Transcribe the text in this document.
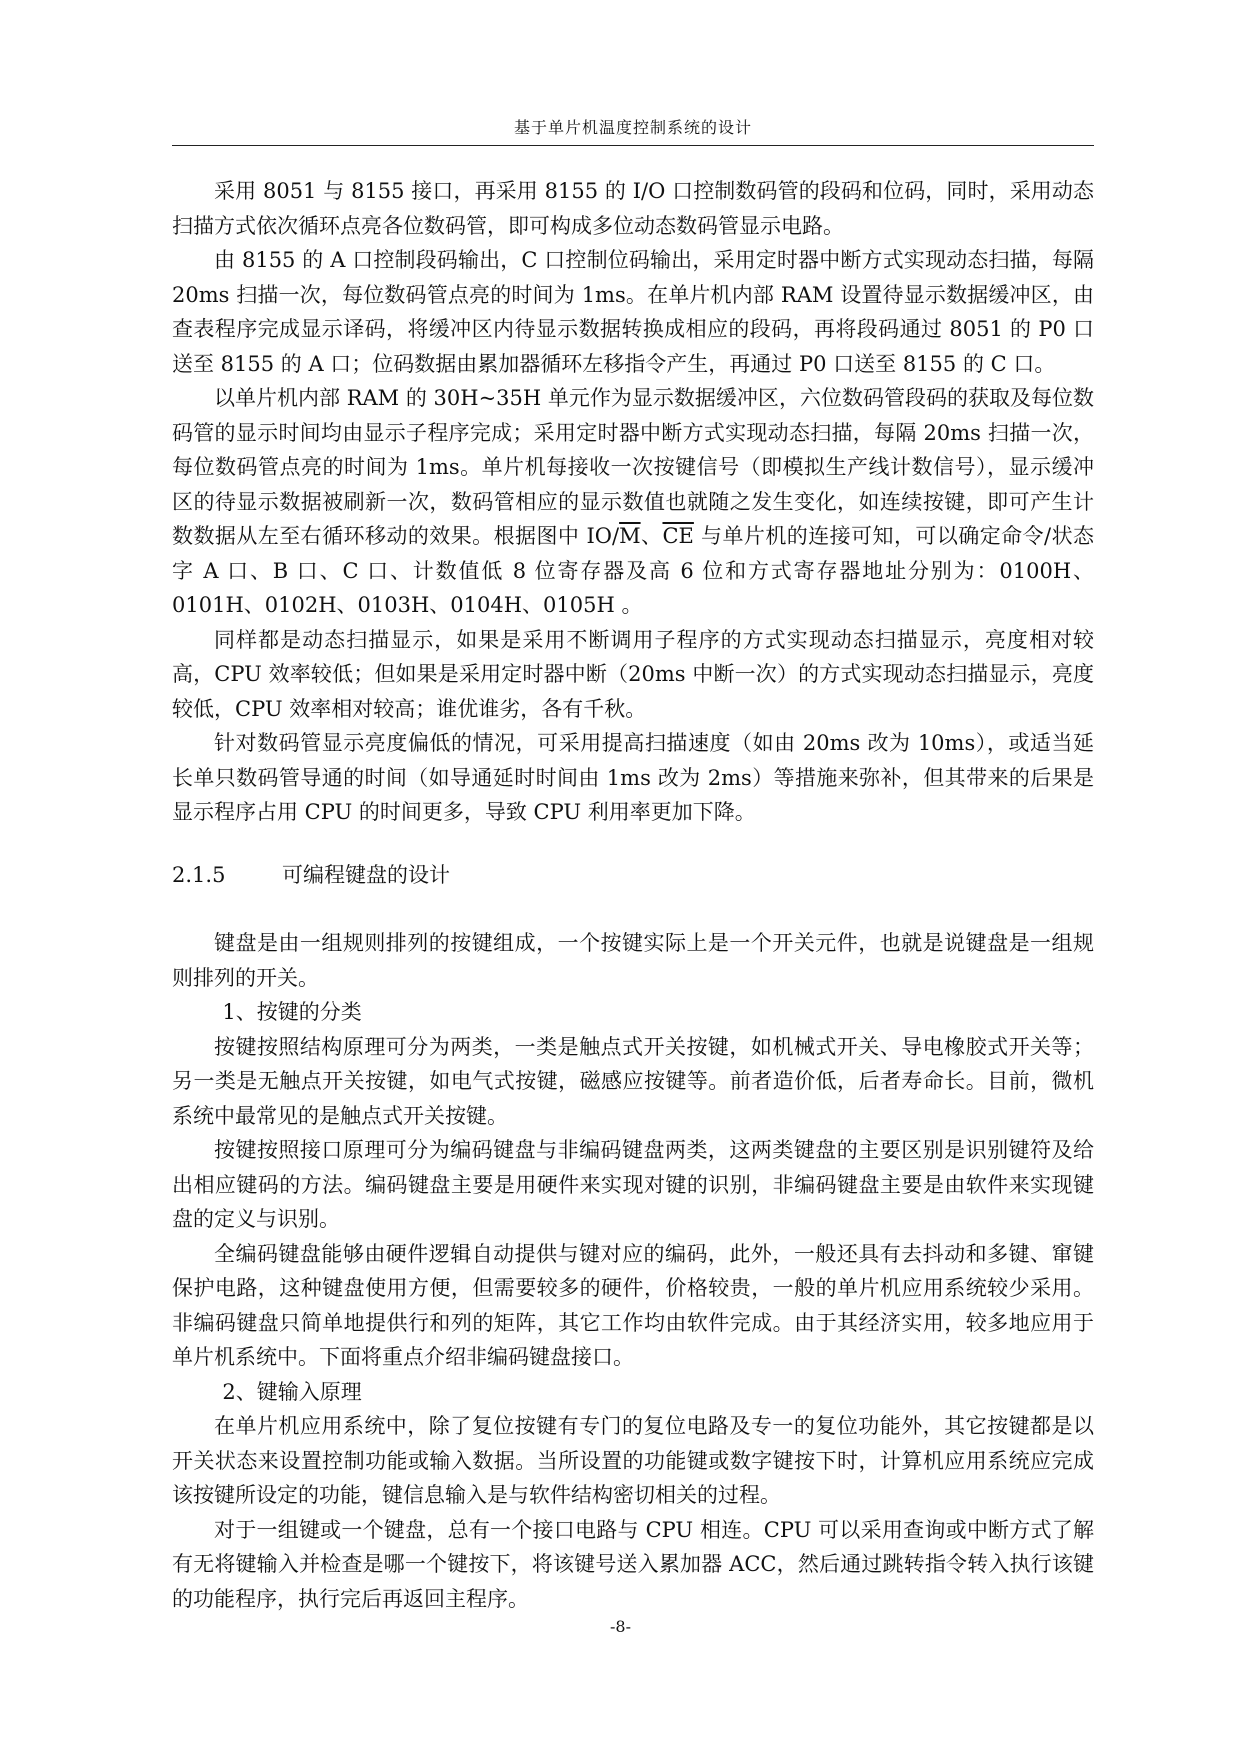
基于单片机温度控制系统的设计

采用 8051 与 8155 接口，再采用 8155 的 I/O 口控制数码管的段码和位码，同时，采用动态扫描方式依次循环点亮各位数码管，即可构成多位动态数码管显示电路。

由 8155 的 A 口控制段码输出，C 口控制位码输出，采用定时器中断方式实现动态扫描，每隔 20ms 扫描一次，每位数码管点亮的时间为 1ms。在单片机内部 RAM 设置待显示数据缓冲区，由查表程序完成显示译码，将缓冲区内待显示数据转换成相应的段码，再将段码通过 8051 的 P0 口送至 8155 的 A 口；位码数据由累加器循环左移指令产生，再通过 P0 口送至 8155 的 C 口。

以单片机内部 RAM 的 30H~35H 单元作为显示数据缓冲区，六位数码管段码的获取及每位数码管的显示时间均由显示子程序完成；采用定时器中断方式实现动态扫描，每隔 20ms 扫描一次，每位数码管点亮的时间为 1ms。单片机每接收一次按键信号（即模拟生产线计数信号），显示缓冲区的待显示数据被刷新一次，数码管相应的显示数值也就随之发生变化，如连续按键，即可产生计数数据从左至右循环移动的效果。根据图中 $IO/\overline{M}$、$\overline{CE}$ 与单片机的连接可知，可以确定命令/状态字 A 口、B 口、C 口、计数值低 8 位寄存器及高 6 位和方式寄存器地址分别为：0100H、0101H、0102H、0103H、0104H、0105H 。

同样都是动态扫描显示，如果是采用不断调用子程序的方式实现动态扫描显示，亮度相对较高，CPU 效率较低；但如果是采用定时器中断（20ms 中断一次）的方式实现动态扫描显示，亮度较低，CPU 效率相对较高；谁优谁劣，各有千秋。

针对数码管显示亮度偏低的情况，可采用提高扫描速度（如由 20ms 改为 10ms），或适当延长单只数码管导通的时间（如导通延时时间由 1ms 改为 2ms）等措施来弥补，但其带来的后果是显示程序占用 CPU 的时间更多，导致 CPU 利用率更加下降。

2.1.5	可编程键盘的设计

键盘是由一组规则排列的按键组成，一个按键实际上是一个开关元件，也就是说键盘是一组规则排列的开关。

1、按键的分类

按键按照结构原理可分为两类，一类是触点式开关按键，如机械式开关、导电橡胶式开关等；另一类是无触点开关按键，如电气式按键，磁感应按键等。前者造价低，后者寿命长。目前，微机系统中最常见的是触点式开关按键。

按键按照接口原理可分为编码键盘与非编码键盘两类，这两类键盘的主要区别是识别键符及给出相应键码的方法。编码键盘主要是用硬件来实现对键的识别，非编码键盘主要是由软件来实现键盘的定义与识别。

全编码键盘能够由硬件逻辑自动提供与键对应的编码，此外，一般还具有去抖动和多键、窜键保护电路，这种键盘使用方便，但需要较多的硬件，价格较贵，一般的单片机应用系统较少采用。非编码键盘只简单地提供行和列的矩阵，其它工作均由软件完成。由于其经济实用，较多地应用于单片机系统中。下面将重点介绍非编码键盘接口。

2、键输入原理

在单片机应用系统中，除了复位按键有专门的复位电路及专一的复位功能外，其它按键都是以开关状态来设置控制功能或输入数据。当所设置的功能键或数字键按下时，计算机应用系统应完成该按键所设定的功能，键信息输入是与软件结构密切相关的过程。

对于一组键或一个键盘，总有一个接口电路与 CPU 相连。CPU 可以采用查询或中断方式了解有无将键输入并检查是哪一个键按下，将该键号送入累加器 ACC，然后通过跳转指令转入执行该键的功能程序，执行完后再返回主程序。

-8-
